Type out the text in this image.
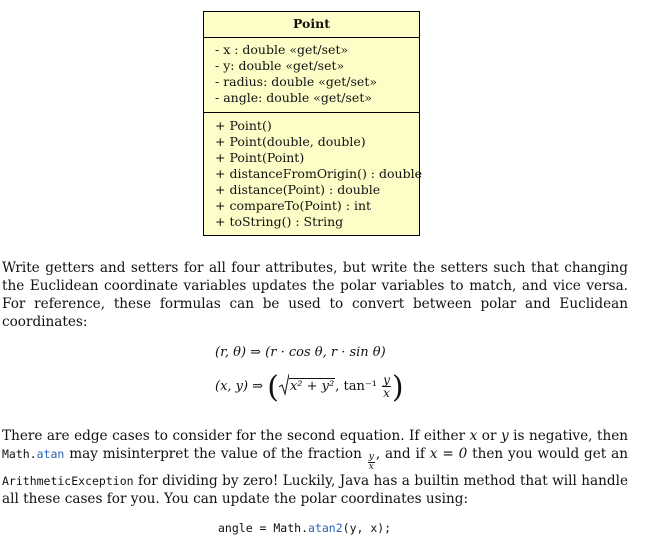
Point
- x : double «get/set»
- y: double «get/set»
- radius: double «get/set»
- angle: double «get/set»
+ Point()
+ Point(double, double)
+ Point(Point)
+ distanceFromOrigin() : double
+ distance(Point) : double
+ compareTo(Point) : int
+ toString() : String
Write getters and setters for all four attributes, but write the setters such that changing the Euclidean coordinate variables updates the polar variables to match, and vice versa. For reference, these formulas can be used to convert between polar and Euclidean coordinates:
(r, θ) ⇒ (r · cos θ, r · sin θ)
(x, y) ⇒ ( x² + y², $\tan^{-1} \frac{y}{x}$ )
There are edge cases to consider for the second equation. If either x or y is negative, then Math.atan may misinterpret the value of the fraction $\frac{y}{x}$ , and if x = 0 then you would get an ArithmeticException for dividing by zero! Luckily, Java has a builtin method that will handle all these cases for you. You can update the polar coordinates using:
angle = Math.atan2(y, x);
